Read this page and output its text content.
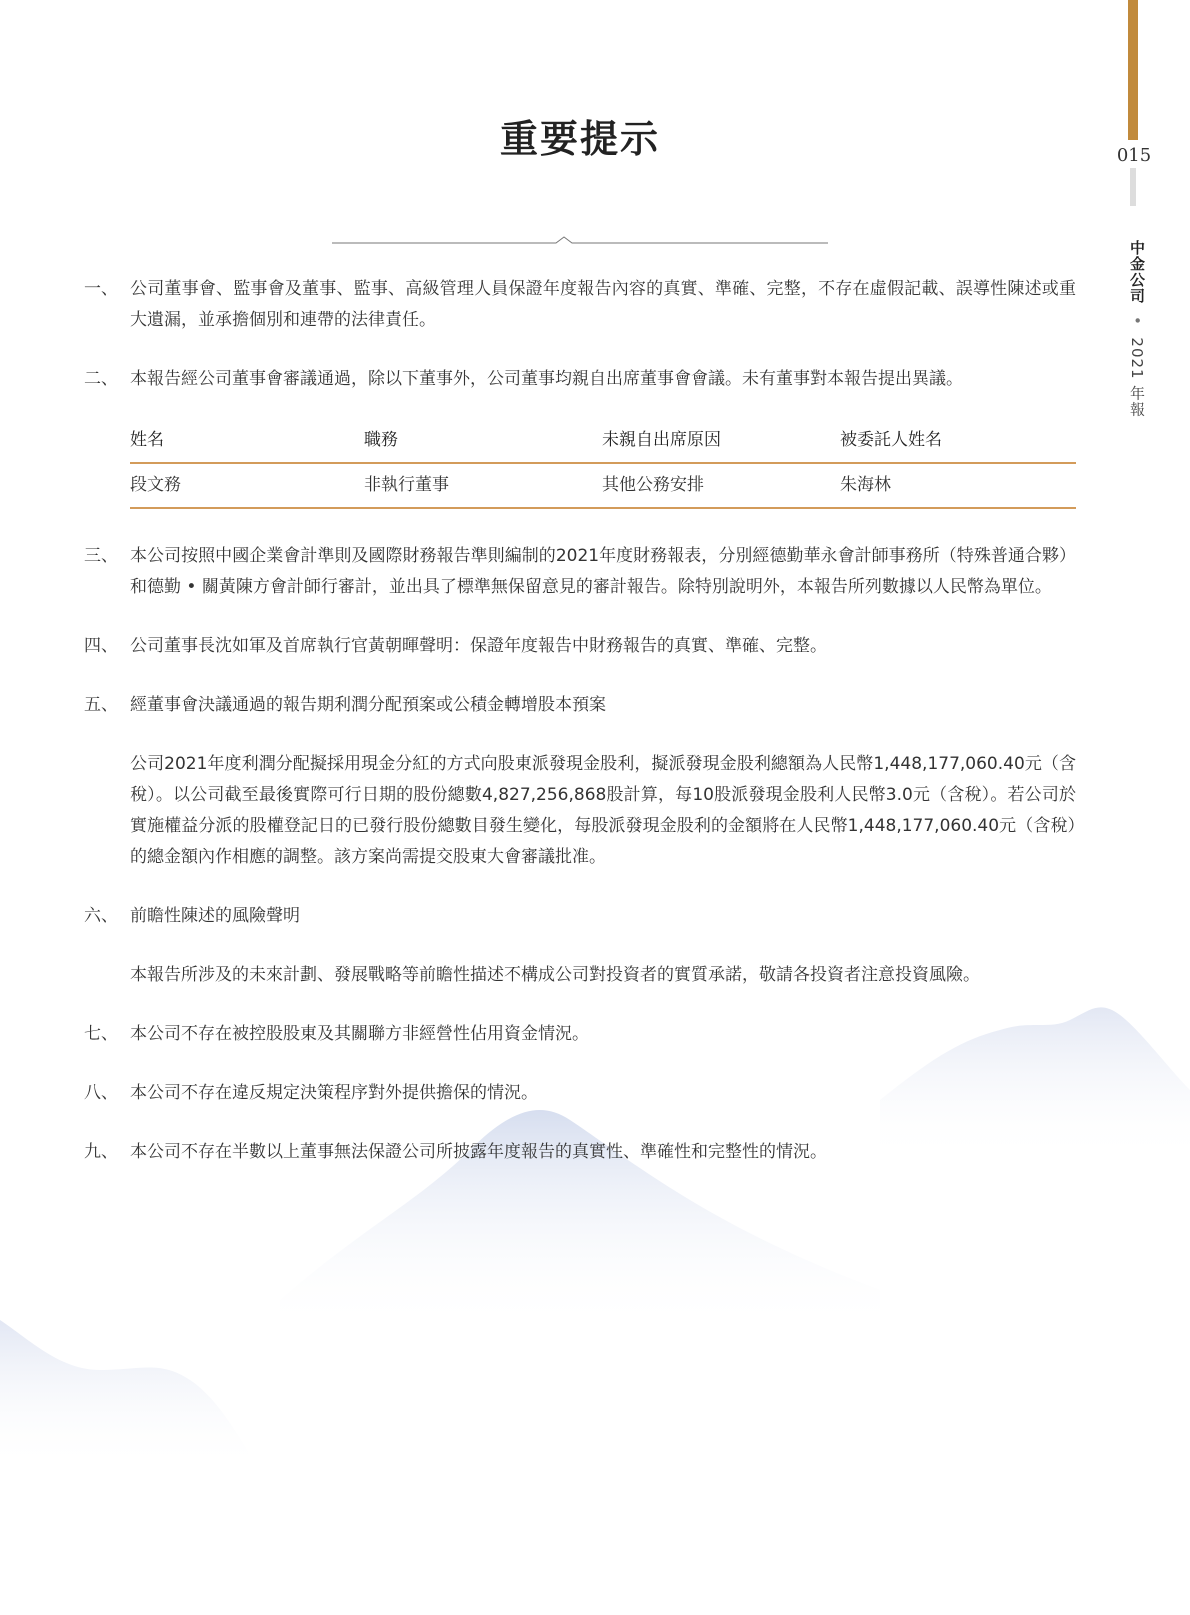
015
中金公司 • 2021 年報
重要提示
一、 公司董事會、監事會及董事、監事、高級管理人員保證年度報告內容的真實、準確、完整，不存在虛假記載、誤導性陳述或重大遺漏，並承擔個別和連帶的法律責任。
二、 本報告經公司董事會審議通過，除以下董事外，公司董事均親自出席董事會會議。未有董事對本報告提出異議。
姓名	職務	未親自出席原因	被委託人姓名
段文務	非執行董事	其他公務安排	朱海林
三、 本公司按照中國企業會計準則及國際財務報告準則編制的2021年度財務報表，分別經德勤華永會計師事務所（特殊普通合夥）和德勤 • 關黃陳方會計師行審計，並出具了標準無保留意見的審計報告。除特別說明外，本報告所列數據以人民幣為單位。
四、 公司董事長沈如軍及首席執行官黃朝暉聲明：保證年度報告中財務報告的真實、準確、完整。
五、 經董事會決議通過的報告期利潤分配預案或公積金轉增股本預案
公司2021年度利潤分配擬採用現金分紅的方式向股東派發現金股利，擬派發現金股利總額為人民幣1,448,177,060.40元（含稅）。以公司截至最後實際可行日期的股份總數4,827,256,868股計算，每10股派發現金股利人民幣3.0元（含稅）。若公司於實施權益分派的股權登記日的已發行股份總數目發生變化，每股派發現金股利的金額將在人民幣1,448,177,060.40元（含稅）的總金額內作相應的調整。該方案尚需提交股東大會審議批准。
六、 前瞻性陳述的風險聲明
本報告所涉及的未來計劃、發展戰略等前瞻性描述不構成公司對投資者的實質承諾，敬請各投資者注意投資風險。
七、 本公司不存在被控股股東及其關聯方非經營性佔用資金情況。
八、 本公司不存在違反規定決策程序對外提供擔保的情況。
九、 本公司不存在半數以上董事無法保證公司所披露年度報告的真實性、準確性和完整性的情況。
